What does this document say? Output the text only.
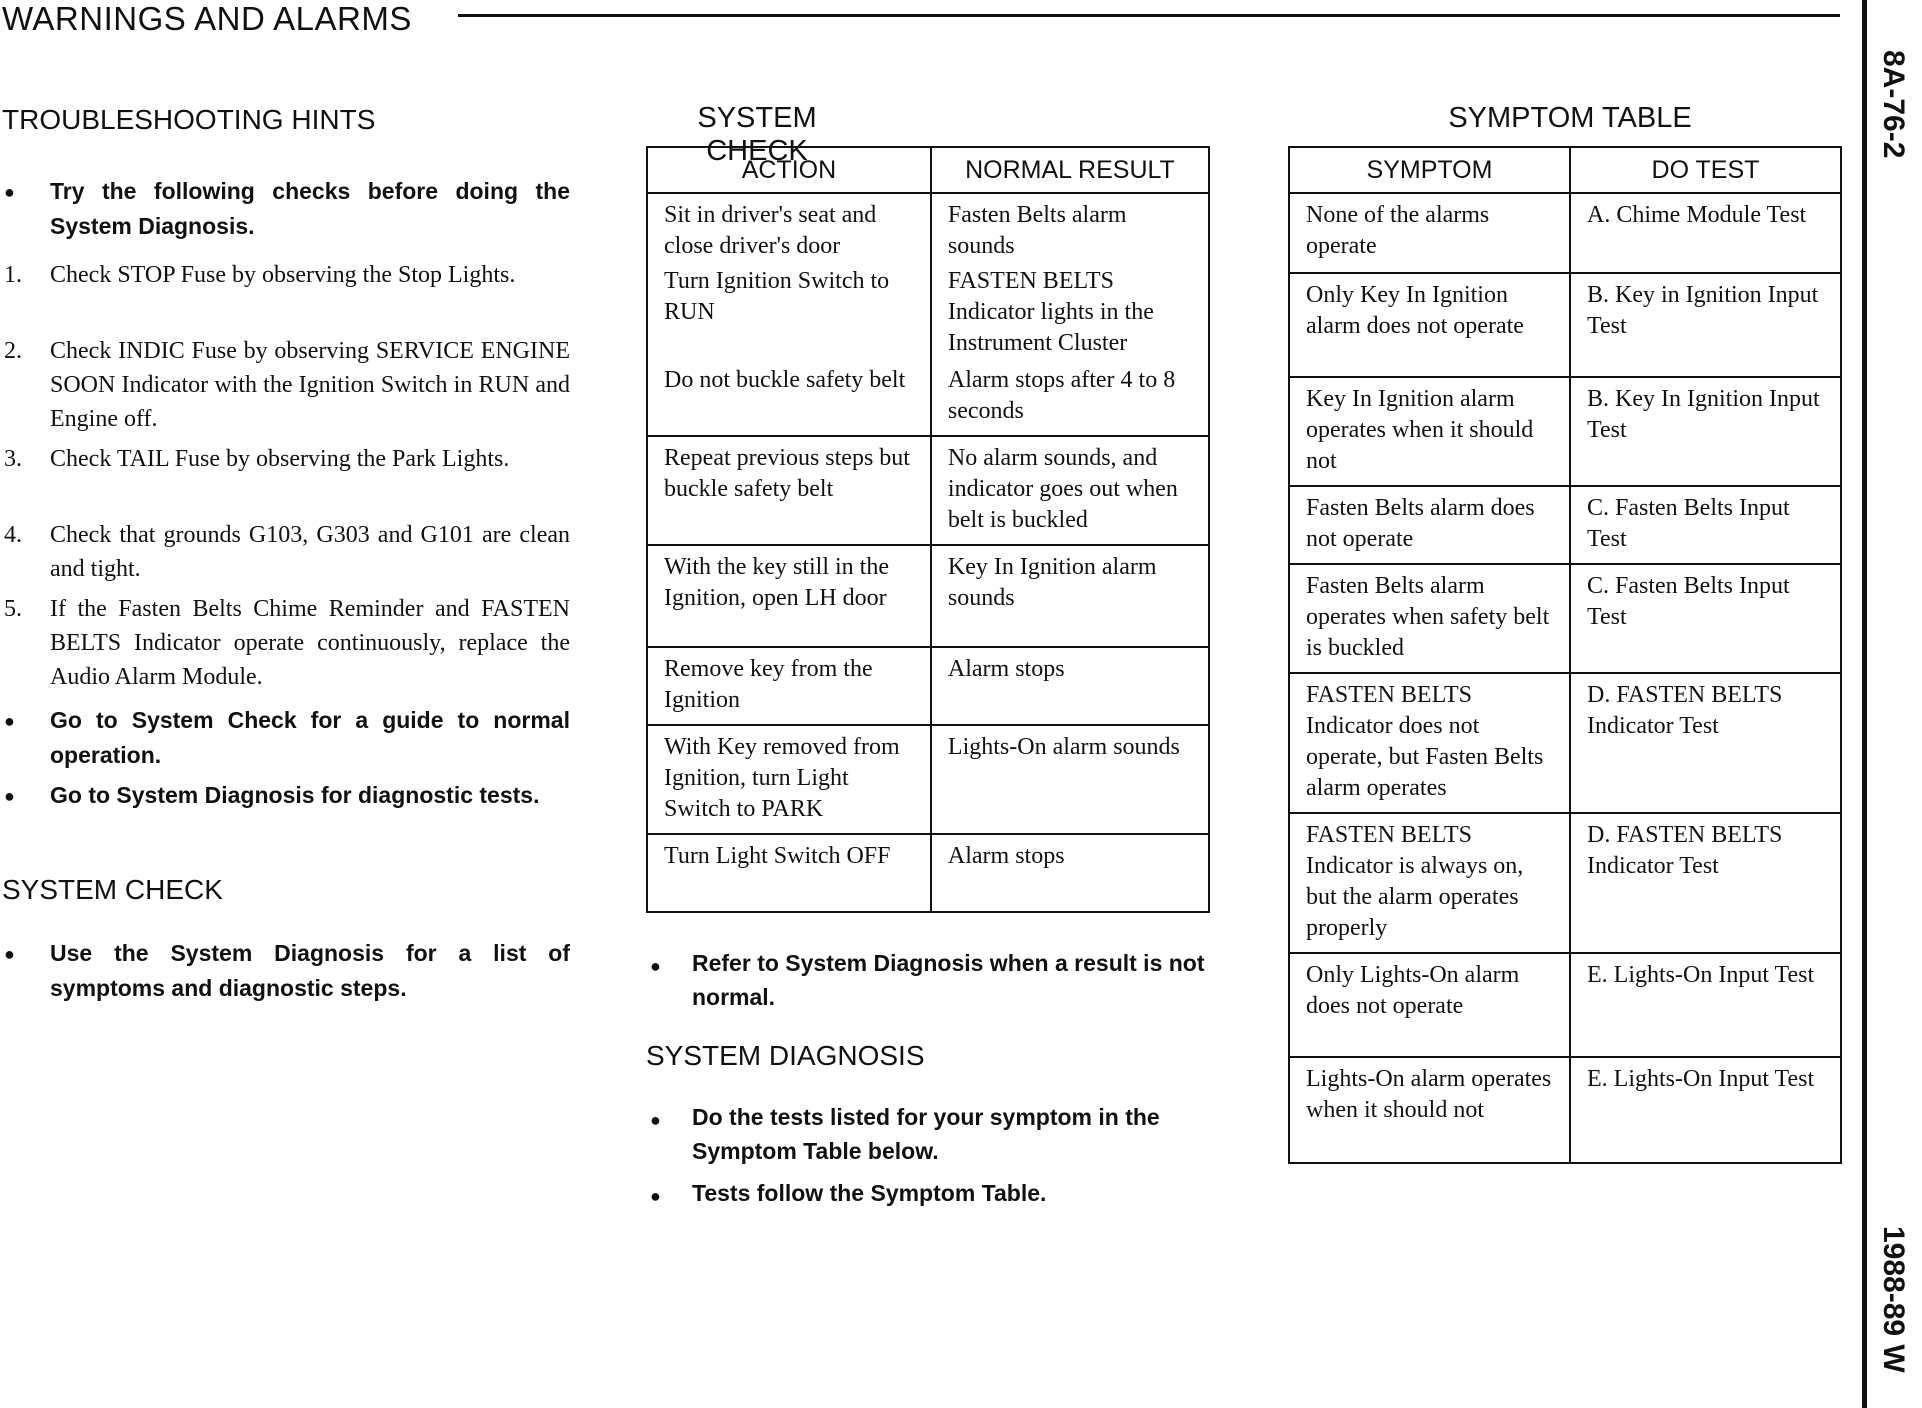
WARNINGS AND ALARMS
8A-76-2
1988-89 W
TROUBLESHOOTING HINTS
● Try the following checks before doing the System Diagnosis.
1. Check STOP Fuse by observing the Stop Lights.
2. Check INDIC Fuse by observing SERVICE ENGINE SOON Indicator with the Ignition Switch in RUN and Engine off.
3. Check TAIL Fuse by observing the Park Lights.
4. Check that grounds G103, G303 and G101 are clean and tight.
5. If the Fasten Belts Chime Reminder and FASTEN BELTS Indicator operate continuously, replace the Audio Alarm Module.
● Go to System Check for a guide to normal operation.
● Go to System Diagnosis for diagnostic tests.
SYSTEM CHECK
● Use the System Diagnosis for a list of symptoms and diagnostic steps.
SYSTEM CHECK
ACTION	NORMAL RESULT
Sit in driver's seat and close driver's door	Fasten Belts alarm sounds
Turn Ignition Switch to RUN	FASTEN BELTS Indicator lights in the Instrument Cluster
Do not buckle safety belt	Alarm stops after 4 to 8 seconds
Repeat previous steps but buckle safety belt	No alarm sounds, and indicator goes out when belt is buckled
With the key still in the Ignition, open LH door	Key In Ignition alarm sounds
Remove key from the Ignition	Alarm stops
With Key removed from Ignition, turn Light Switch to PARK	Lights-On alarm sounds
Turn Light Switch OFF	Alarm stops
● Refer to System Diagnosis when a result is not normal.
SYSTEM DIAGNOSIS
● Do the tests listed for your symptom in the Symptom Table below.
● Tests follow the Symptom Table.
SYMPTOM TABLE
SYMPTOM	DO TEST
None of the alarms operate	A. Chime Module Test
Only Key In Ignition alarm does not operate	B. Key in Ignition Input Test
Key In Ignition alarm operates when it should not	B. Key In Ignition Input Test
Fasten Belts alarm does not operate	C. Fasten Belts Input Test
Fasten Belts alarm operates when safety belt is buckled	C. Fasten Belts Input Test
FASTEN BELTS Indicator does not operate, but Fasten Belts alarm operates	D. FASTEN BELTS Indicator Test
FASTEN BELTS Indicator is always on, but the alarm operates properly	D. FASTEN BELTS Indicator Test
Only Lights-On alarm does not operate	E. Lights-On Input Test
Lights-On alarm operates when it should not	E. Lights-On Input Test
